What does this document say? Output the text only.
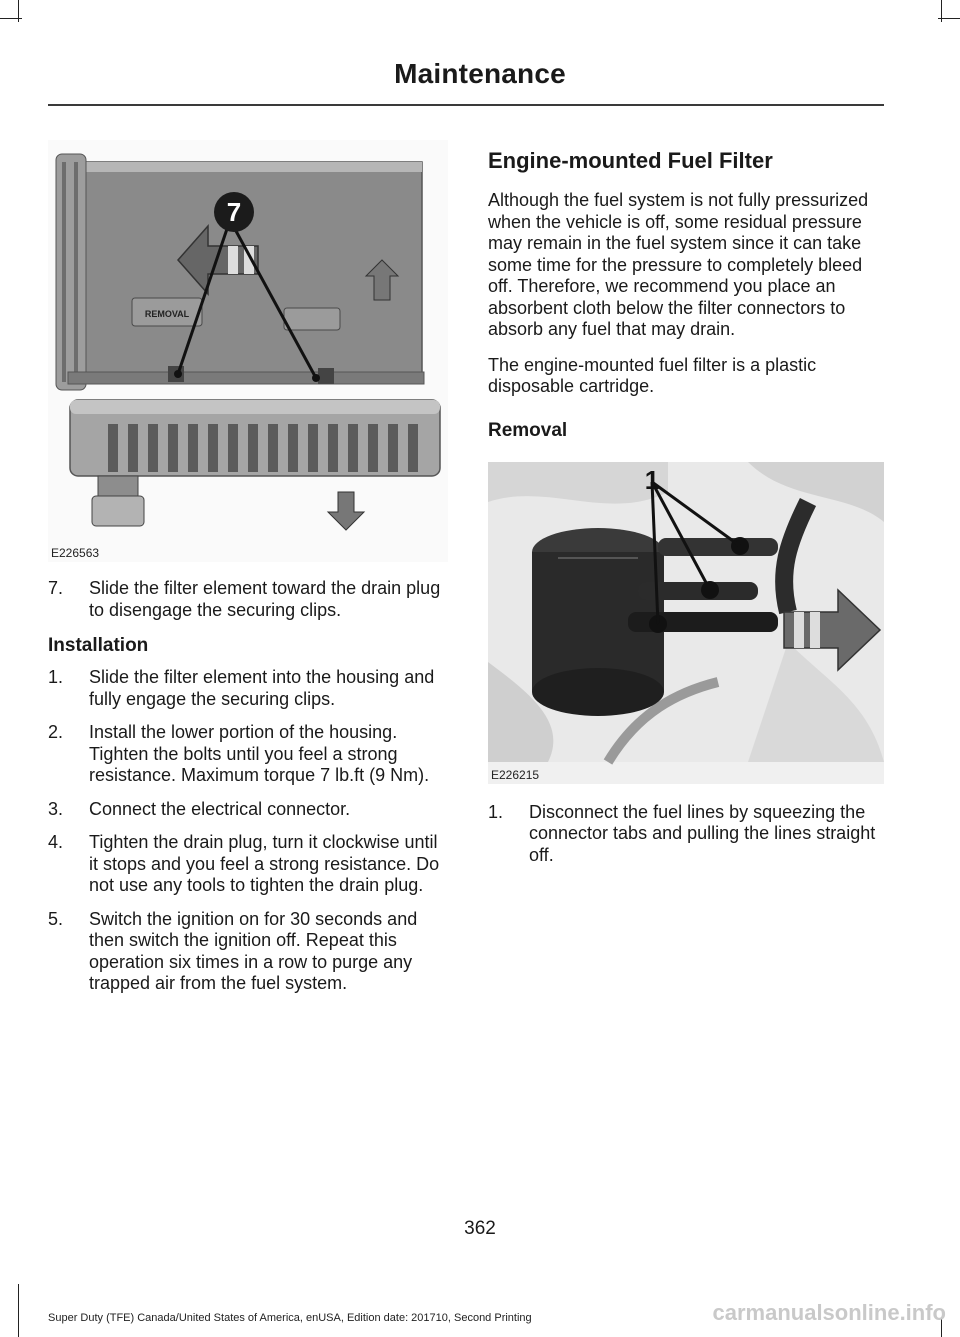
Maintenance
REMOVAL
7
E226563
7. Slide the filter element toward the drain plug to disengage the securing clips.
Installation
1. Slide the filter element into the housing and fully engage the securing clips.
2. Install the lower portion of the housing. Tighten the bolts until you feel a strong resistance. Maximum torque 7 lb.ft (9 Nm).
3. Connect the electrical connector.
4. Tighten the drain plug, turn it clockwise until it stops and you feel a strong resistance. Do not use any tools to tighten the drain plug.
5. Switch the ignition on for 30 seconds and then switch the ignition off. Repeat this operation six times in a row to purge any trapped air from the fuel system.
Engine-mounted Fuel Filter

Although the fuel system is not fully pressurized when the vehicle is off, some residual pressure may remain in the fuel system since it can take some time for the pressure to completely bleed off. Therefore, we recommend you place an absorbent cloth below the filter connectors to absorb any fuel that may drain.

The engine-mounted fuel filter is a plastic disposable cartridge.

Removal
1
E226215
1. Disconnect the fuel lines by squeezing the connector tabs and pulling the lines straight off.
362
Super Duty (TFE) Canada/United States of America, enUSA, Edition date: 201710, Second Printing	carmanualsonline.info
